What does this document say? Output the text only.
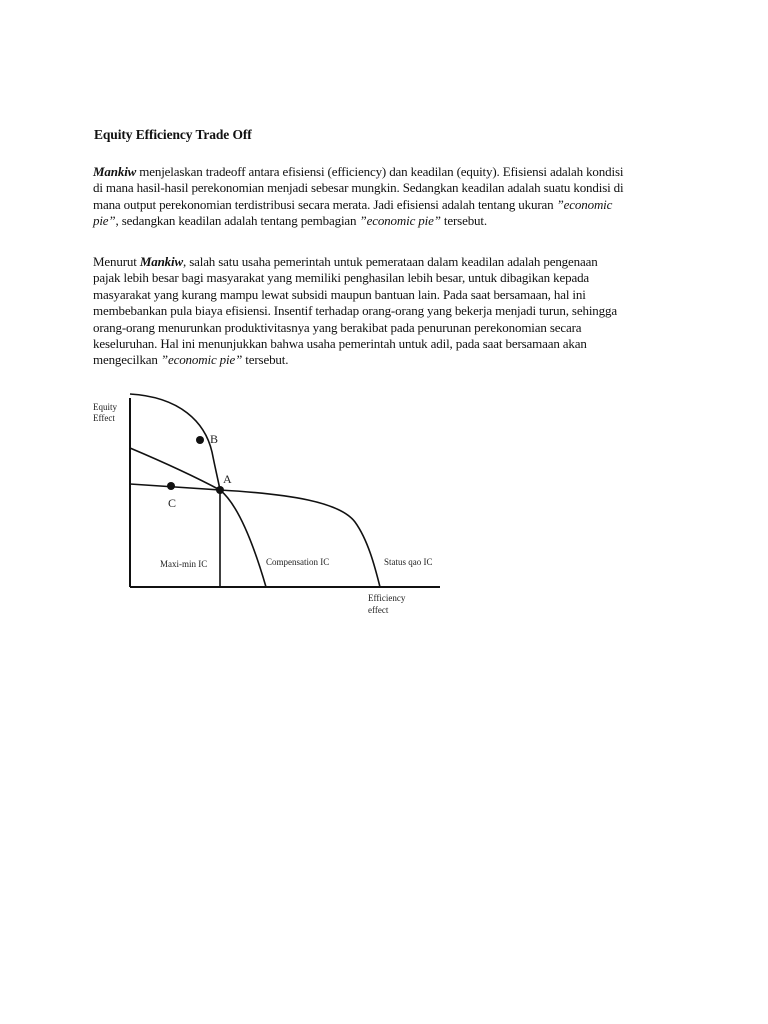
Equity Efficiency Trade Off
Mankiw menjelaskan tradeoff antara efisiensi (efficiency) dan keadilan (equity). Efisiensi adalah kondisi
di mana hasil-hasil perekonomian menjadi sebesar mungkin. Sedangkan keadilan adalah suatu kondisi di
mana output perekonomian terdistribusi secara merata. Jadi efisiensi adalah tentang ukuran ”economic
pie”, sedangkan keadilan adalah tentang pembagian ”economic pie” tersebut.
Menurut Mankiw, salah satu usaha pemerintah untuk pemerataan dalam keadilan adalah pengenaan
pajak lebih besar bagi masyarakat yang memiliki penghasilan lebih besar, untuk dibagikan kepada
masyarakat yang kurang mampu lewat subsidi maupun bantuan lain. Pada saat bersamaan, hal ini
membebankan pula biaya efisiensi. Insentif terhadap orang-orang yang bekerja menjadi turun, sehingga
orang-orang menurunkan produktivitasnya yang berakibat pada penurunan perekonomian secara
keseluruhan. Hal ini menunjukkan bahwa usaha pemerintah untuk adil, pada saat bersamaan akan
mengecilkan ”economic pie” tersebut.
Equity
Effect
B
A
C
Maxi-min IC	Compensation IC	Status qao IC
Efficiency
effect
